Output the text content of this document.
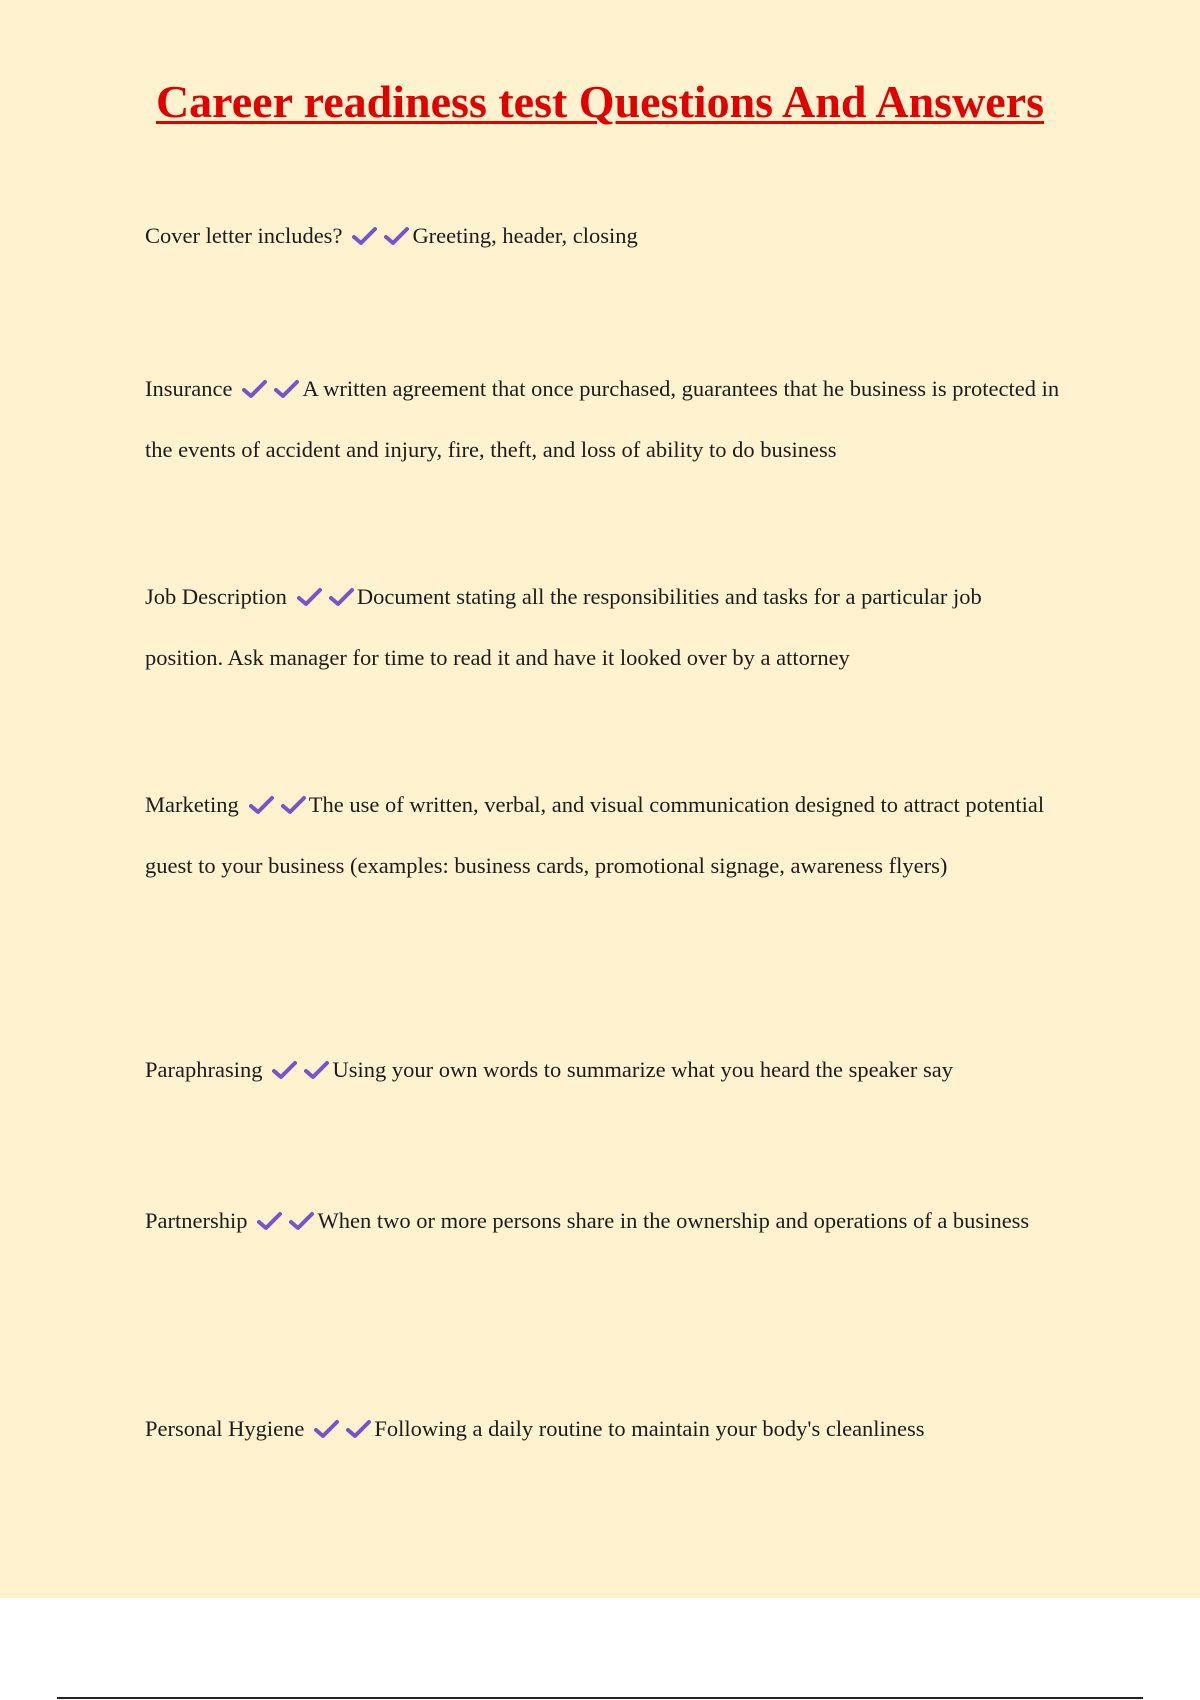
Career readiness test Questions And Answers

Cover letter includes?	Greeting, header, closing

Insurance	A written agreement that once purchased, guarantees that he business is protected in the events of accident and injury, fire, theft, and loss of ability to do business

Job Description	Document stating all the responsibilities and tasks for a particular job position. Ask manager for time to read it and have it looked over by a attorney

Marketing	The use of written, verbal, and visual communication designed to attract potential guest to your business (examples: business cards, promotional signage, awareness flyers)

Paraphrasing	Using your own words to summarize what you heard the speaker say

Partnership	When two or more persons share in the ownership and operations of a business

Personal Hygiene	Following a daily routine to maintain your body's cleanliness
